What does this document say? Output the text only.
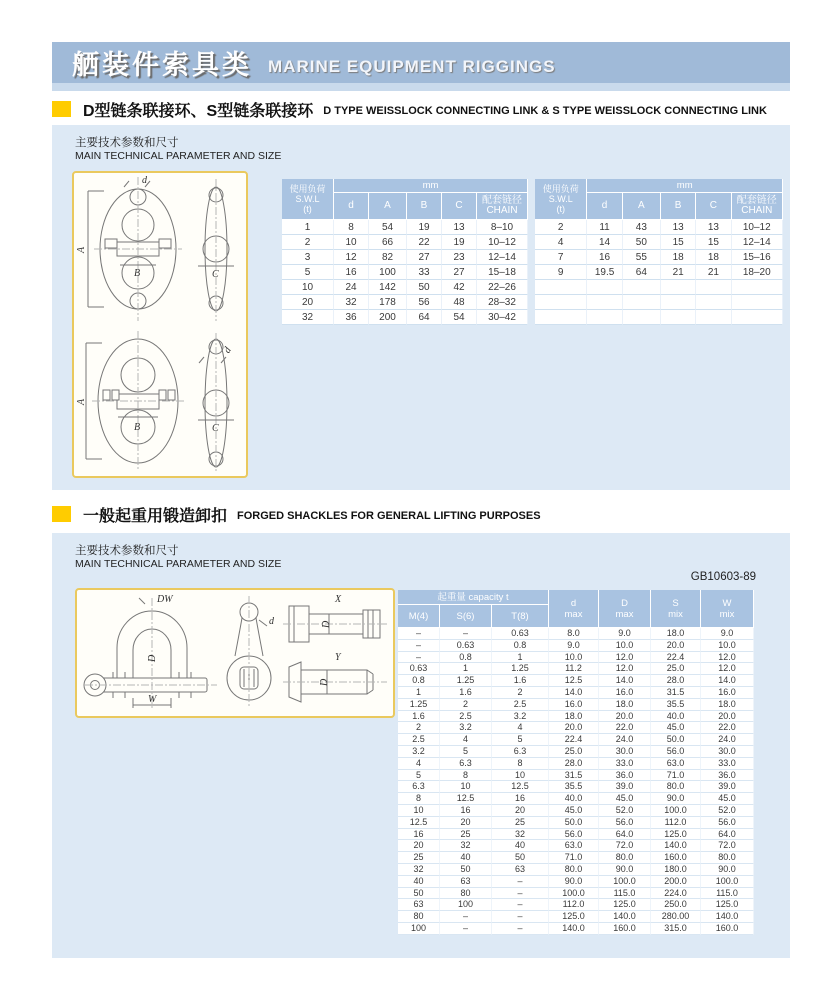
舾装件索具类 MARINE EQUIPMENT RIGGINGS
D型链条联接环、S型链条联接环 D TYPE WEISSLOCK CONNECTING LINK & S TYPE WEISSLOCK CONNECTING LINK
主要技术参数和尺寸
MAIN TECHNICAL PARAMETER AND SIZE
d
A
B	C
A
B
d
C
使用负荷
S.W.L
(t)	mm				
	d	A	B	C	配套链径
CHAIN
1	8	54	19	13	8–10
2	10	66	22	19	10–12
3	12	82	27	23	12–14
5	16	100	33	27	15–18
10	24	142	50	42	22–26
20	32	178	56	48	28–32
32	36	200	64	54	30–42
使用负荷
S.W.L
(t)	mm				
	d	A	B	C	配套链径
CHAIN
2	11	43	13	13	10–12
4	14	50	15	15	12–14
7	16	55	18	18	15–16
9	19.5	64	21	21	18–20

一般起重用锻造卸扣 FORGED SHACKLES FOR GENERAL LIFTING PURPOSES
主要技术参数和尺寸
MAIN TECHNICAL PARAMETER AND SIZE
GB10603-89
DW
D
W
d
X
D
Y
D
起重量 capacity t			d
max	D
max	S
mix	W
mix
M(4)	S(6)	T(8)				
–	–	0.63	8.0	9.0	18.0	9.0
–	0.63	0.8	9.0	10.0	20.0	10.0
–	0.8	1	10.0	12.0	22.4	12.0
0.63	1	1.25	11.2	12.0	25.0	12.0
0.8	1.25	1.6	12.5	14.0	28.0	14.0
1	1.6	2	14.0	16.0	31.5	16.0
1.25	2	2.5	16.0	18.0	35.5	18.0
1.6	2.5	3.2	18.0	20.0	40.0	20.0
2	3.2	4	20.0	22.0	45.0	22.0
2.5	4	5	22.4	24.0	50.0	24.0
3.2	5	6.3	25.0	30.0	56.0	30.0
4	6.3	8	28.0	33.0	63.0	33.0
5	8	10	31.5	36.0	71.0	36.0
6.3	10	12.5	35.5	39.0	80.0	39.0
8	12.5	16	40.0	45.0	90.0	45.0
10	16	20	45.0	52.0	100.0	52.0
12.5	20	25	50.0	56.0	112.0	56.0
16	25	32	56.0	64.0	125.0	64.0
20	32	40	63.0	72.0	140.0	72.0
25	40	50	71.0	80.0	160.0	80.0
32	50	63	80.0	90.0	180.0	90.0
40	63	–	90.0	100.0	200.0	100.0
50	80	–	100.0	115.0	224.0	115.0
63	100	–	112.0	125.0	250.0	125.0
80	–	–	125.0	140.0	280.00	140.0
100	–	–	140.0	160.0	315.0	160.0
